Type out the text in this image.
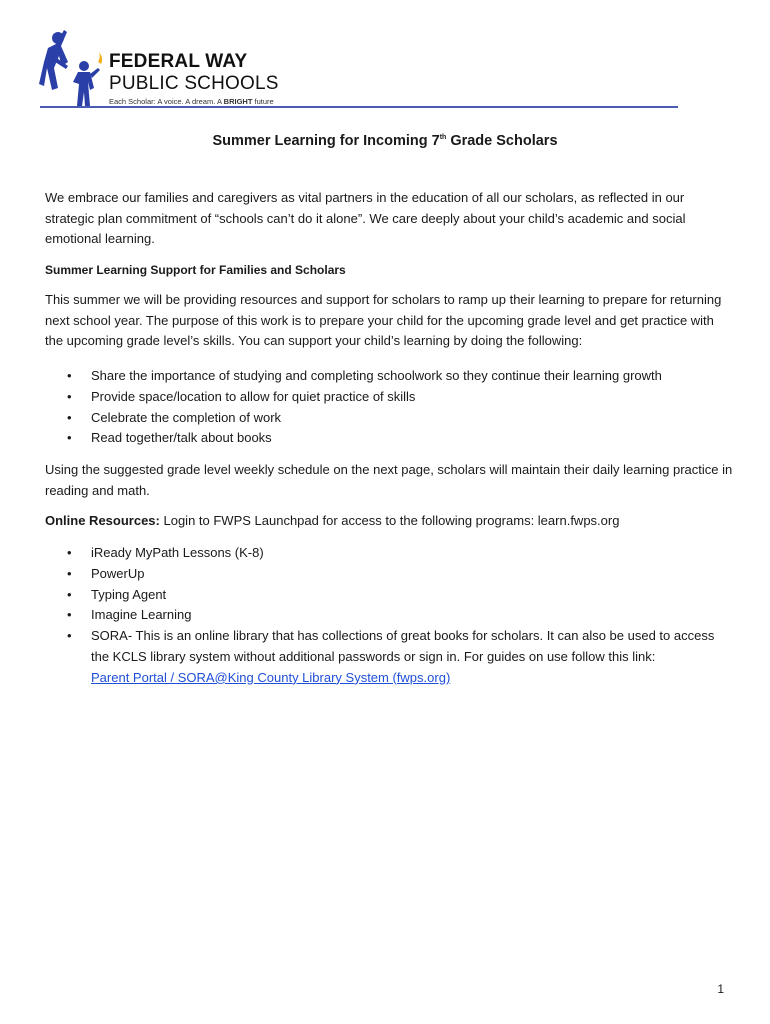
FEDERAL WAY
PUBLIC SCHOOLS
Each Scholar: A voice. A dream. A BRIGHT future
Summer Learning for Incoming 7th Grade Scholars
We embrace our families and caregivers as vital partners in the education of all our scholars, as reflected in our strategic plan commitment of “schools can’t do it alone”. We care deeply about your child’s academic and social emotional learning.
Summer Learning Support for Families and Scholars
This summer we will be providing resources and support for scholars to ramp up their learning to prepare for returning next school year. The purpose of this work is to prepare your child for the upcoming grade level and get practice with the upcoming grade level’s skills. You can support your child’s learning by doing the following:
• Share the importance of studying and completing schoolwork so they continue their learning growth
• Provide space/location to allow for quiet practice of skills
• Celebrate the completion of work
• Read together/talk about books
Using the suggested grade level weekly schedule on the next page, scholars will maintain their daily learning practice in reading and math.
Online Resources: Login to FWPS Launchpad for access to the following programs: learn.fwps.org
• iReady MyPath Lessons (K-8)
• PowerUp
• Typing Agent
• Imagine Learning
• SORA- This is an online library that has collections of great books for scholars. It can also be used to access the KCLS library system without additional passwords or sign in. For guides on use follow this link:
Parent Portal / SORA@King County Library System (fwps.org)
1
